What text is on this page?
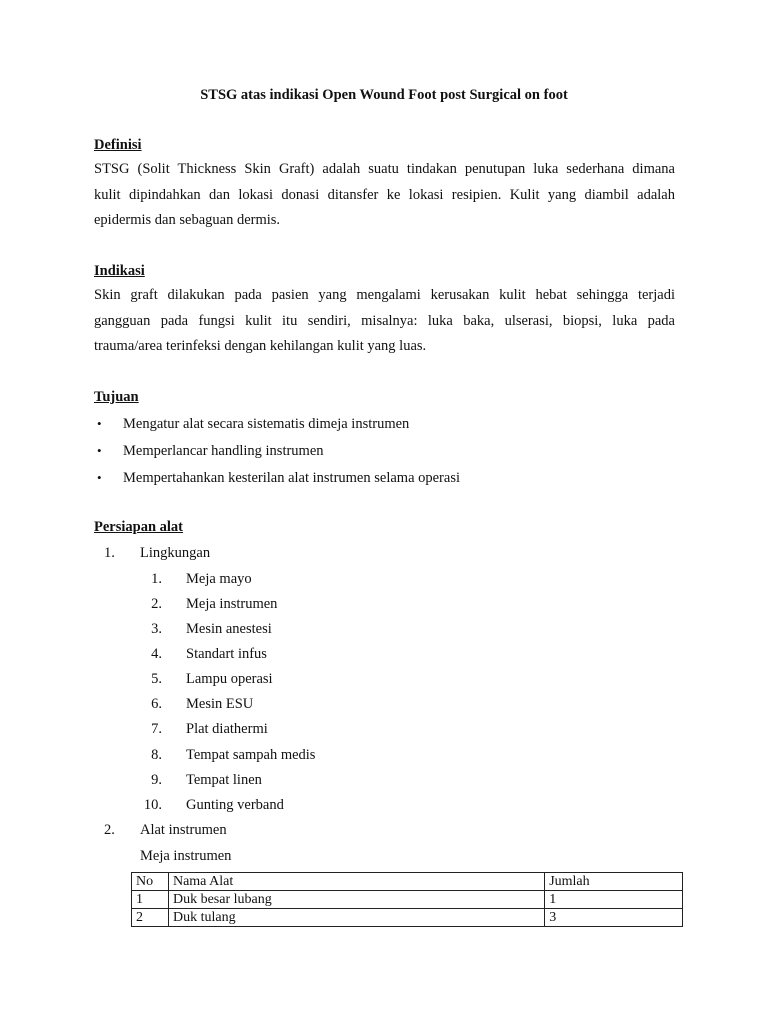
STSG atas indikasi Open Wound Foot post Surgical on foot
Definisi
STSG (Solit Thickness Skin Graft) adalah suatu tindakan penutupan luka sederhana dimana
kulit dipindahkan dan lokasi donasi ditansfer ke lokasi resipien. Kulit yang diambil adalah
epidermis dan sebaguan dermis.
Indikasi
Skin graft dilakukan pada pasien yang mengalami kerusakan kulit hebat sehingga terjadi
gangguan pada fungsi kulit itu sendiri, misalnya: luka baka, ulserasi, biopsi, luka pada
trauma/area terinfeksi dengan kehilangan kulit yang luas.
Tujuan
• Mengatur alat secara sistematis dimeja instrumen
• Memperlancar handling instrumen
• Mempertahankan kesterilan alat instrumen selama operasi
Persiapan alat
1. Lingkungan
1. Meja mayo
2. Meja instrumen
3. Mesin anestesi
4. Standart infus
5. Lampu operasi
6. Mesin ESU
7. Plat diathermi
8. Tempat sampah medis
9. Tempat linen
10. Gunting verband
2. Alat instrumen
Meja instrumen
No	Nama Alat	Jumlah
1	Duk besar lubang	1
2	Duk tulang	3
